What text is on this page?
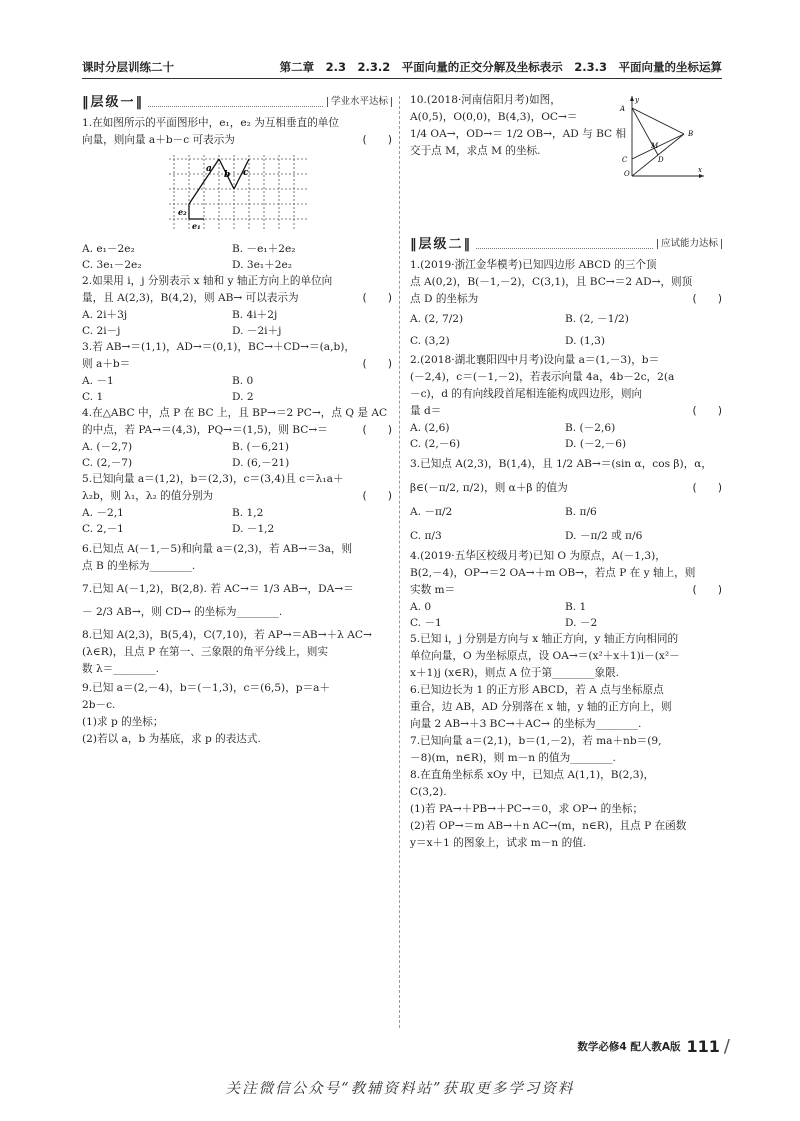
课时分层训练二十	第二章　2.3　2.3.2　平面向量的正交分解及坐标表示　2.3.3　平面向量的坐标运算
‖ 层级一 ‖	学业水平达标
1.在如图所示的平面图形中，e₁，e₂ 为互相垂直的单位
向量，则向量 a＋b－c 可表示为	(　　)
a
b c
e₁
e₂
A. e₁－2e₂	B. －e₁＋2e₂
C. 3e₁－2e₂	D. 3e₁＋2e₂
2.如果用 i，j 分别表示 x 轴和 y 轴正方向上的单位向
量，且 A(2,3)，B(4,2)，则 AB→ 可以表示为	(　　)
A. 2i＋3j	B. 4i＋2j
C. 2i－j	D. －2i＋j
3.若 AB→＝(1,1)，AD→＝(0,1)，BC→＋CD→＝(a,b)，
则 a＋b＝	(　　)
A. －1	B. 0
C. 1	D. 2
4.在△ABC 中，点 P 在 BC 上，且 BP→＝2 PC→，点 Q 是 AC
的中点，若 PA→＝(4,3)，PQ→＝(1,5)，则 BC→＝	(　　)
A. (－2,7)	B. (－6,21)
C. (2,－7)	D. (6,－21)
5.已知向量 a＝(1,2)，b＝(2,3)，c＝(3,4)且 c＝λ₁a＋
λ₂b，则 λ₁，λ₂ 的值分别为	(　　)
A. －2,1	B. 1,2
C. 2,－1	D. －1,2
6.已知点 A(－1,－5)和向量 a＝(2,3)，若 AB→＝3a，则
点 B 的坐标为________.
7.已知 A(－1,2)，B(2,8). 若 AC→＝ 1/3 AB→，DA→＝
－ 2/3 AB→，则 CD→ 的坐标为________.
8.已知 A(2,3)，B(5,4)，C(7,10)，若 AP→＝AB→＋λ AC→
(λ∈R)，且点 P 在第一、三象限的角平分线上，则实
数 λ＝________.
9.已知 a＝(2,－4)，b＝(－1,3)，c＝(6,5)，p＝a＋
2b－c.
(1)求 p 的坐标；
(2)若以 a，b 为基底，求 p 的表达式.
10.(2018·河南信阳月考)如图，
A(0,5)，O(0,0)，B(4,3)，OC→＝
1/4 OA→，OD→＝ 1/2 OB→，AD 与 BC 相
交于点 M，求点 M 的坐标.
y
A
B
C	D
M
O	x
‖ 层级二 ‖	应试能力达标
1.(2019·浙江金华模考)已知四边形 ABCD 的三个顶
点 A(0,2)，B(－1,－2)，C(3,1)，且 BC→＝2 AD→，则顶
点 D 的坐标为	(　　)
A. (2, 7/2)	B. (2, －1/2)
C. (3,2)	D. (1,3)
2.(2018·湖北襄阳四中月考)设向量 a＝(1,－3)，b＝
(－2,4)，c＝(－1,－2)，若表示向量 4a，4b－2c，2(a
－c)，d 的有向线段首尾相连能构成四边形，则向
量 d＝	(　　)
A. (2,6)	B. (－2,6)
C. (2,－6)	D. (－2,－6)
3.已知点 A(2,3)，B(1,4)，且 1/2 AB→＝(sin α，cos β)，α，
β∈(－π/2, π/2)，则 α＋β 的值为	(　　)
A. －π/2	B. π/6
C. π/3	D. －π/2 或 π/6
4.(2019·五华区校级月考)已知 O 为原点，A(－1,3)，
B(2,－4)，OP→＝2 OA→＋m OB→，若点 P 在 y 轴上，则
实数 m＝	(　　)
A. 0	B. 1
C. －1	D. －2
5.已知 i，j 分别是方向与 x 轴正方向，y 轴正方向相同的
单位向量，O 为坐标原点，设 OA→＝(x²＋x＋1)i－(x²－
x＋1)j (x∈R)，则点 A 位于第________象限.
6.已知边长为 1 的正方形 ABCD，若 A 点与坐标原点
重合，边 AB，AD 分别落在 x 轴，y 轴的正方向上，则
向量 2 AB→＋3 BC→＋AC→ 的坐标为________.
7.已知向量 a＝(2,1)，b＝(1,－2)，若 ma＋nb＝(9,
－8)(m，n∈R)，则 m－n 的值为________.
8.在直角坐标系 xOy 中，已知点 A(1,1)，B(2,3)，
C(3,2).
(1)若 PA→＋PB→＋PC→＝0，求 OP→ 的坐标；
(2)若 OP→＝m AB→＋n AC→(m，n∈R)，且点 P 在函数
y＝x＋1 的图象上，试求 m－n 的值.
数学必修4 配人教A版 111 /
关注微信公众号“教辅资料站”获取更多学习资料
